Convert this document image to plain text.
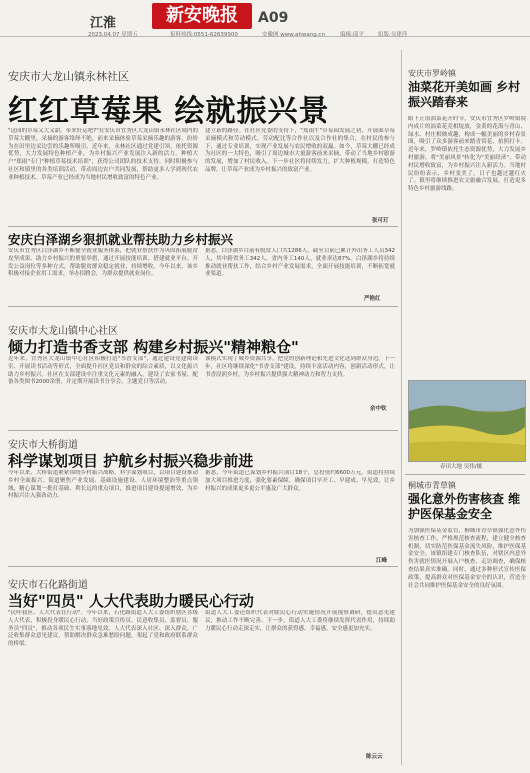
江淮	新安晚报	A09
2023.04.07 星期五	报料热线:0551-62639900	安徽网 www.ahwang.cn	编辑:邱平	组版:吴建萍
安庆市大龙山镇永林社区
红红草莓果 绘就振兴景
"这园的草莓又大又甜，带来好运吧?"在安庆市宜秀区大龙山镇永林社区境内的草莓大棚里，采摘的游客络绎不绝，前来采摘体验草莓采摘乐趣的游客，纷纷为在田里边采边尝的乐趣所吸引。近年来，永林社区通过党建引领，依托资源优势，大力发展特色种植产业，为乡村振兴产业发展注入新的活力。种植大户"郑雨"专门"种植草莓技术培训"，获得公司团队的技术支持。同时积极参与社区和镇里的各类培训活动，带动周边农户共同发展，帮助更多人学到现代农业种植技术。草莓产业已经成为当地村民增收致富的特色产业。
建立新的路径。在社区党委的支持下，"郑雨牛"草莓园发展之初，开展面草莓采摘模式和劳动模式、劳动配比等合作社以及合作社的集合，在村民的参与下，通过专业培训，实现产业发展与农民增收的双赢。如今，草莓大棚已经成为社区的一大特色，吸引了周边城市大量游客前来采摘，带动了当地乡村旅游的发展，增加了村民收入。下一步社区将持续发力，扩大种植规模，打造特色品牌，让草莓产业成为乡村振兴的致富产业。
张可玎
安庆白泽湖乡狠抓就业帮扶助力乡村振兴
安庆市宜秀区白泽湖乡不断健全就业服务体系，把就业帮扶作为巩固拓展脱贫攻坚成果、助力乡村振兴的重要举措，通过开展技能培训、搭建就业平台、开发公益岗位等多种方式，帮助脱贫群众稳定就业、持续增收。今年以来，该乡积极对接企业用工需求，举办招聘会，为群众提供就业岗位。
据悉，白泽湖乡目前有脱贫人口共1286人，截至目前已累计外出务工人员342人，其中跨省务工342人、省内务工140人，就业率达87%。白泽湖乡将持续推动就业帮扶工作，结合乡村产业发展需求，全面开展技能培训，不断拓宽就业渠道。
严艳红
安庆市大龙山镇中心社区
倾力打造书香支部 构建乡村振兴"精神粮仓"
近年来，宜秀区大龙山镇中心社区积极打造"书香支部"，通过建设党建阅读室、开展读书活动等形式，全面提升社区党员和群众的综合素质，以文化振兴助力乡村振兴。社区在支部建设中注重文化元素的融入，建设了农家书屋，配备各类图书2000余册，并定期开展读书分享会、主题党日等活动。
该模式实现了城乡资源共享，把党的创新理论和先进文化送到群众身边。下一步，社区将继续深化"书香支部"建设，持续丰富活动内容，创新活动形式，让书香浸润乡村，为乡村振兴提供强大精神动力和智力支持。
余中钦
安庆市大桥街道
科学谋划项目 护航乡村振兴稳步前进
今年以来，大桥街道紧紧围绕乡村振兴战略，科学谋划项目，以项目建设推动乡村全面振兴。街道聚焦产业发展、基础设施建设、人居环境整治等重点领域，精心谋划一批打基础、利长远的重点项目，推进项目建设提速增效，为乡村振兴注入强劲动力。
据悉，今年街道已谋划乡村振兴项目18个，总投资约6600万元。街道将持续加大项目推进力度，强化要素保障，确保项目早开工、早建成、早见效，让乡村振兴的成果更多更公平惠及广大群众。
江峰
安庆市石化路街道
当好"四员" 人大代表助力暖民心行动
"民呼我应、人大代表在行动"。今年以来，石化路街道人大工委组织辖区各级人大代表，积极投身暖民心行动，当好政策宣传员、民意收集员、监督员、服务员"四员"，推动各项民生实事落地见效。人大代表深入社区、深入群众，广泛收集群众意见建议，帮助解决群众急难愁盼问题，架起了党和政府联系群众的桥梁。
街道人大工委还组织代表对暖民心行动实施情况开展视察调研，提出意见建议，推动工作不断完善。下一步，街道人大工委将继续发挥代表作用，持续助力暖民心行动走深走实，让群众的获得感、幸福感、安全感更加充实。
陈云云
安庆市罗岭镇
油菜花开美如画 乡村振兴踏春来
眼下正值油菜花开时节，安庆市宜秀区罗岭镇境内成片的油菜花竞相绽放，金黄的花海与青山、绿水、村庄相映成趣，构成一幅美丽的乡村春景图，吸引了众多游客前来踏青赏花、拍照打卡。近年来，罗岭镇依托生态资源优势，大力发展乡村旅游，将"美丽风景"转化为"美丽经济"，带动村民增收致富，为乡村振兴注入新活力。当地村民纷纷表示，乡村变美了，日子也越过越红火了。镇里将继续推进农文旅融合发展，打造更多特色乡村旅游线路。
春田大地 吴伟/摄
桐城市青草镇
强化意外伤害核查 维护医保基金安全
为加强医保基金监管，桐城市青草镇强化意外伤害核查工作，严格规范核查流程，建立健全核查机制，切实防范医保基金流失风险，维护医保基金安全。该镇组建专门核查队伍，对辖区内意外伤害就医情况开展入户核查、走访调查，确保核查结果真实准确。同时，通过多种形式宣传医保政策，提高群众对医保基金安全的认识，营造全社会共同维护医保基金安全的良好氛围。
